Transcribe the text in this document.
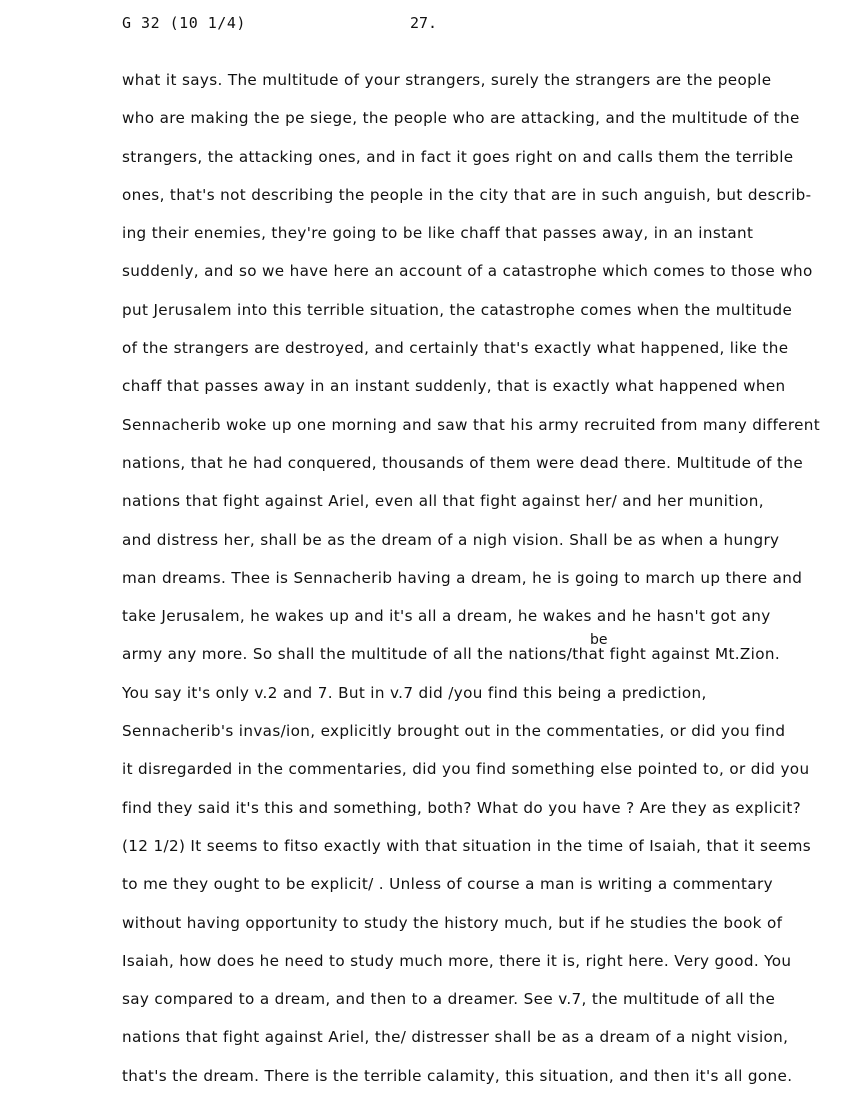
G 32 (10 1/4)	27.
be
what it says. The multitude of your strangers, surely the strangers are the people
who are making the pe siege, the people who are attacking, and the multitude of the
strangers, the attacking ones, and in fact it goes right on and calls them the terrible
ones, that's not describing the people in the city that are in such anguish, but describ-
ing their enemies, they're going to be like chaff that passes away, in an instant
suddenly, and so we have here an account of a catastrophe which comes to those who
put Jerusalem into this terrible situation, the catastrophe comes when the multitude
of the strangers are destroyed, and certainly that's exactly what happened, like the
chaff that passes away in an instant suddenly, that is exactly what happened when
Sennacherib woke up one morning and saw that his army recruited from many different
nations, that he had conquered, thousands of them were dead there. Multitude of the
nations that fight against Ariel, even all that fight against her/ and her munition,
and distress her, shall be as the dream of a nigh vision. Shall be as when a hungry
man dreams. Thee is Sennacherib having a dream, he is going to march up there and
take Jerusalem, he wakes up and it's all a dream, he wakes and he hasn't got any
army any more. So shall the multitude of all the nations/that fight against Mt.Zion.
You say it's only v.2 and 7. But in v.7 did /you find this being a prediction,
Sennacherib's invas/ion, explicitly brought out in the commentaties, or did you find
it disregarded in the commentaries, did you find something else pointed to, or did you
find they said it's this and something, both? What do you have ? Are they as explicit?
(12 1/2) It seems to fitso exactly with that situation in the time of Isaiah, that it seems
to me they ought to be explicit/ . Unless of course a man is writing a commentary
without having opportunity to study the history much, but if he studies the book of
Isaiah, how does he need to study much more, there it is, right here. Very good. You
say compared to a dream, and then to a dreamer. See v.7, the multitude of all the
nations that fight against Ariel, the/ distresser shall be as a dream of a night vision,
that's the dream. There is the terrible calamity, this situation, and then it's all gone.
